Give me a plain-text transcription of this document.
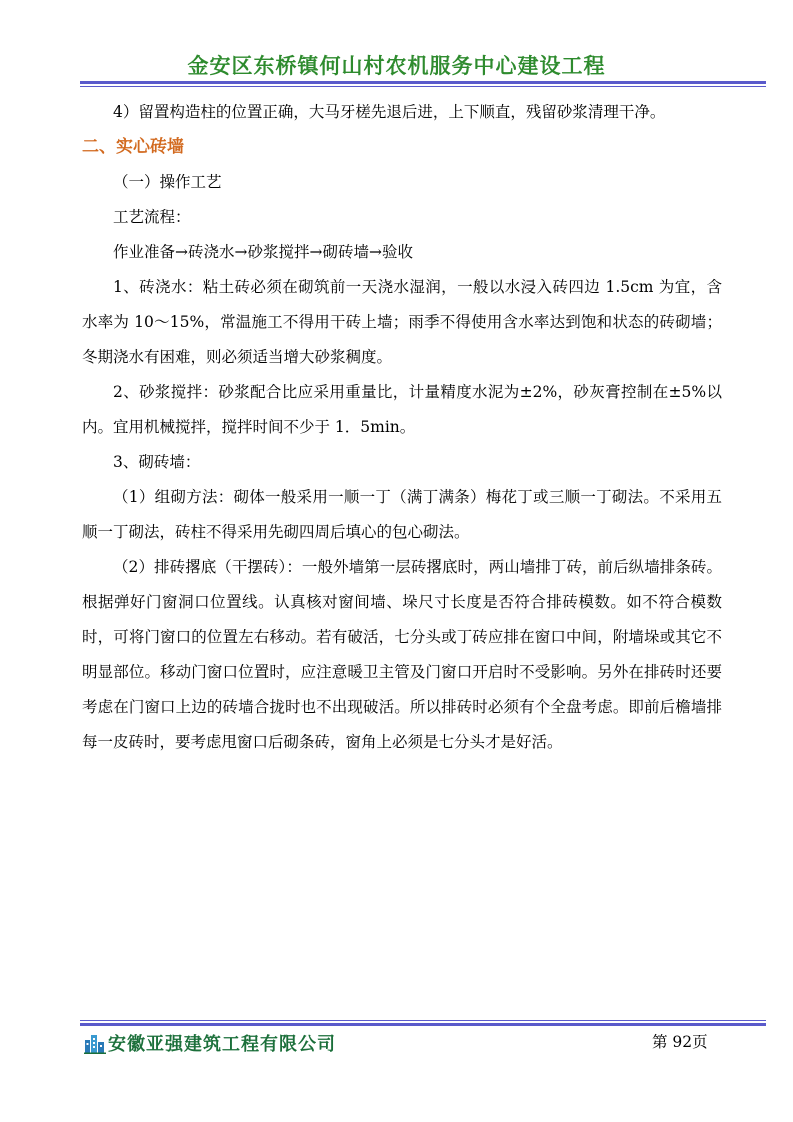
金安区东桥镇何山村农机服务中心建设工程

4）留置构造柱的位置正确，大马牙槎先退后进，上下顺直，残留砂浆清理干净。

二、实心砖墙

（一）操作工艺

工艺流程：

作业准备→砖浇水→砂浆搅拌→砌砖墙→验收

1、砖浇水：粘土砖必须在砌筑前一天浇水湿润，一般以水浸入砖四边 1.5cm 为宜，含水率为 10～15%，常温施工不得用干砖上墙；雨季不得使用含水率达到饱和状态的砖砌墙；冬期浇水有困难，则必须适当增大砂浆稠度。

2、砂浆搅拌：砂浆配合比应采用重量比，计量精度水泥为±2%，砂灰膏控制在±5%以内。宜用机械搅拌，搅拌时间不少于 1．5min。

3、砌砖墙：

（1）组砌方法：砌体一般采用一顺一丁（满丁满条）梅花丁或三顺一丁砌法。不采用五顺一丁砌法，砖柱不得采用先砌四周后填心的包心砌法。

（2）排砖撂底（干摆砖）：一般外墙第一层砖撂底时，两山墙排丁砖，前后纵墙排条砖。根据弹好门窗洞口位置线。认真核对窗间墙、垛尺寸长度是否符合排砖模数。如不符合模数时，可将门窗口的位置左右移动。若有破活，七分头或丁砖应排在窗口中间，附墙垛或其它不明显部位。移动门窗口位置时，应注意暖卫主管及门窗口开启时不受影响。另外在排砖时还要考虑在门窗口上边的砖墙合拢时也不出现破活。所以排砖时必须有个全盘考虑。即前后檐墙排每一皮砖时，要考虑甩窗口后砌条砖，窗角上必须是七分头才是好活。

安徽亚强建筑工程有限公司	第 92页
